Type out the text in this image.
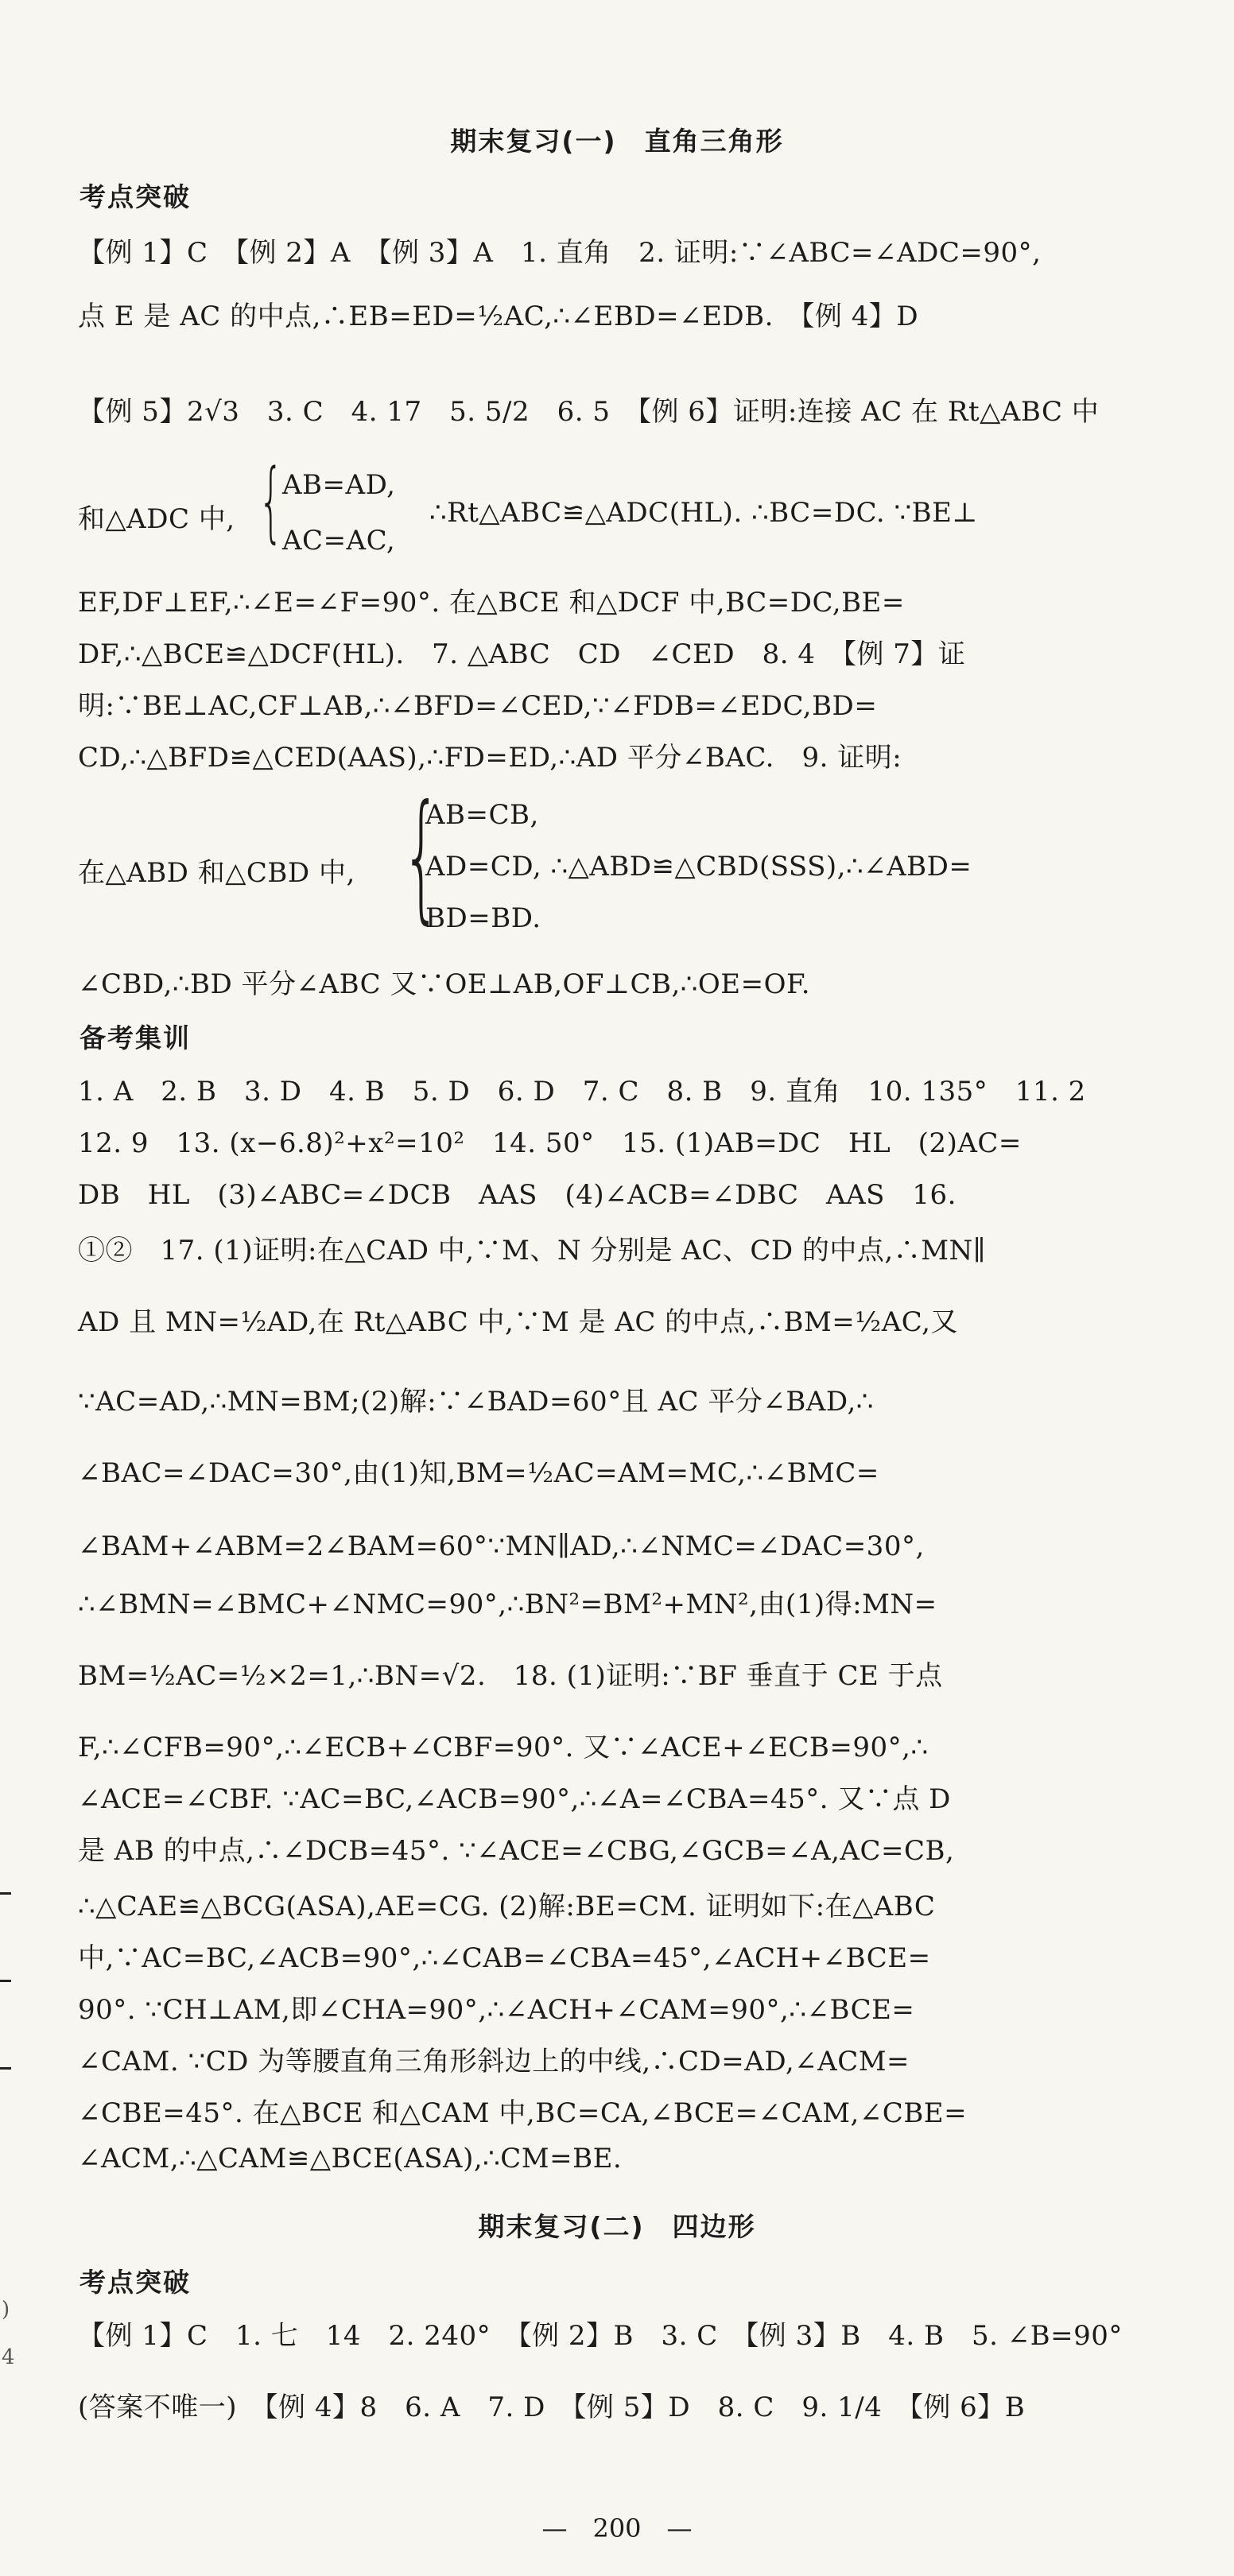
期末复习(一)　直角三角形
考点突破
【例 1】C　【例 2】A　【例 3】A　1. 直角　2. 证明:∵∠ABC=∠ADC=90°,
点 E 是 AC 的中点,∴EB=ED=½AC,∴∠EBD=∠EDB.　【例 4】D
【例 5】2√3　3. C　4. 17　5. 5/2　6. 5　【例 6】证明:连接 AC 在 Rt△ABC 中
AB=AD,
和△ADC 中, {	∴Rt△ABC≌△ADC(HL). ∴BC=DC. ∵BE⊥
AC=AC,
EF,DF⊥EF,∴∠E=∠F=90°. 在△BCE 和△DCF 中,BC=DC,BE=
DF,∴△BCE≌△DCF(HL).　7. △ABC　CD　∠CED　8. 4　【例 7】证
明:∵BE⊥AC,CF⊥AB,∴∠BFD=∠CED,∵∠FDB=∠EDC,BD=
CD,∴△BFD≌△CED(AAS),∴FD=ED,∴AD 平分∠BAC.　9. 证明:
{
AB=CB,
在△ABD 和△CBD 中,	AD=CD, ∴△ABD≌△CBD(SSS),∴∠ABD=
BD=BD.
∠CBD,∴BD 平分∠ABC 又∵OE⊥AB,OF⊥CB,∴OE=OF.
备考集训
1. A　2. B　3. D　4. B　5. D　6. D　7. C　8. B　9. 直角　10. 135°　11. 2
12. 9　13. (x−6.8)²+x²=10²　14. 50°　15. (1)AB=DC　HL　(2)AC=
DB　HL　(3)∠ABC=∠DCB　AAS　(4)∠ACB=∠DBC　AAS　16.
①②　17. (1)证明:在△CAD 中,∵M、N 分别是 AC、CD 的中点,∴MN∥
AD 且 MN=½AD,在 Rt△ABC 中,∵M 是 AC 的中点,∴BM=½AC,又
∵AC=AD,∴MN=BM;(2)解:∵∠BAD=60°且 AC 平分∠BAD,∴
∠BAC=∠DAC=30°,由(1)知,BM=½AC=AM=MC,∴∠BMC=
∠BAM+∠ABM=2∠BAM=60°∵MN∥AD,∴∠NMC=∠DAC=30°,
∴∠BMN=∠BMC+∠NMC=90°,∴BN²=BM²+MN²,由(1)得:MN=
BM=½AC=½×2=1,∴BN=√2.　18. (1)证明:∵BF 垂直于 CE 于点
F,∴∠CFB=90°,∴∠ECB+∠CBF=90°. 又∵∠ACE+∠ECB=90°,∴
∠ACE=∠CBF. ∵AC=BC,∠ACB=90°,∴∠A=∠CBA=45°. 又∵点 D
是 AB 的中点,∴∠DCB=45°. ∵∠ACE=∠CBG,∠GCB=∠A,AC=CB,
∴△CAE≌△BCG(ASA),AE=CG. (2)解:BE=CM. 证明如下:在△ABC
中,∵AC=BC,∠ACB=90°,∴∠CAB=∠CBA=45°,∠ACH+∠BCE=
90°. ∵CH⊥AM,即∠CHA=90°,∴∠ACH+∠CAM=90°,∴∠BCE=
∠CAM. ∵CD 为等腰直角三角形斜边上的中线,∴CD=AD,∠ACM=
∠CBE=45°. 在△BCE 和△CAM 中,BC=CA,∠BCE=∠CAM,∠CBE=
∠ACM,∴△CAM≌△BCE(ASA),∴CM=BE.
期末复习(二)　四边形
考点突破
【例 1】C　1. 七　14　2. 240°　【例 2】B　3. C　【例 3】B　4. B　5. ∠B=90°
(答案不唯一)　【例 4】8　6. A　7. D　【例 5】D　8. C　9. 1/4　【例 6】B
—　200　—
)
4
